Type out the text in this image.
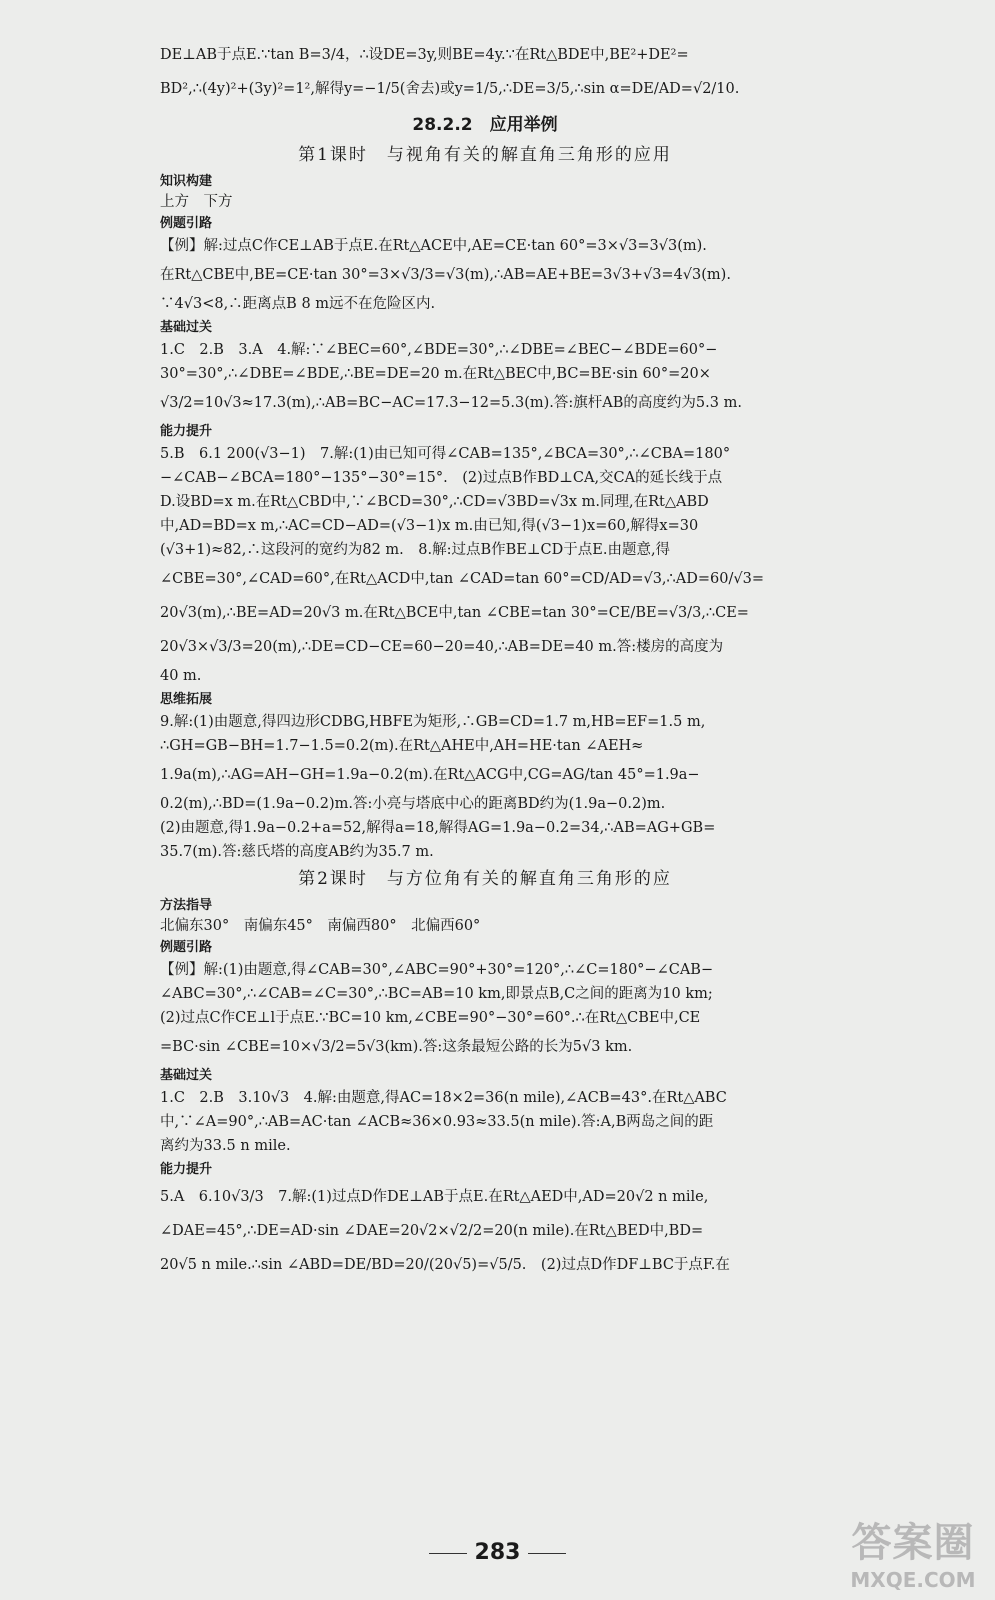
DE⊥AB于点E.∵tan B=3/4，∴设DE=3y,则BE=4y.∵在Rt△BDE中,BE²+DE²=

BD²,∴(4y)²+(3y)²=1²,解得y=−1/5(舍去)或y=1/5,∴DE=3/5,∴sin α=DE/AD=√2/10.

28.2.2　应用举例

第1课时　与视角有关的解直角三角形的应用

知识构建

上方　下方

例题引路

【例】解:过点C作CE⊥AB于点E.在Rt△ACE中,AE=CE·tan 60°=3×√3=3√3(m).

在Rt△CBE中,BE=CE·tan 30°=3×√3/3=√3(m),∴AB=AE+BE=3√3+√3=4√3(m).

∵4√3<8,∴距离点B 8 m远不在危险区内.

基础过关

1.C　2.B　3.A　4.解:∵∠BEC=60°,∠BDE=30°,∴∠DBE=∠BEC−∠BDE=60°−

30°=30°,∴∠DBE=∠BDE,∴BE=DE=20 m.在Rt△BEC中,BC=BE·sin 60°=20×

√3/2=10√3≈17.3(m),∴AB=BC−AC=17.3−12=5.3(m).答:旗杆AB的高度约为5.3 m.

能力提升

5.B　6.1 200(√3−1)　7.解:(1)由已知可得∠CAB=135°,∠BCA=30°,∴∠CBA=180°

−∠CAB−∠BCA=180°−135°−30°=15°.　(2)过点B作BD⊥CA,交CA的延长线于点

D.设BD=x m.在Rt△CBD中,∵∠BCD=30°,∴CD=√3BD=√3x m.同理,在Rt△ABD

中,AD=BD=x m,∴AC=CD−AD=(√3−1)x m.由已知,得(√3−1)x=60,解得x=30

(√3+1)≈82,∴这段河的宽约为82 m.　8.解:过点B作BE⊥CD于点E.由题意,得

∠CBE=30°,∠CAD=60°,在Rt△ACD中,tan ∠CAD=tan 60°=CD/AD=√3,∴AD=60/√3=

20√3(m),∴BE=AD=20√3 m.在Rt△BCE中,tan ∠CBE=tan 30°=CE/BE=√3/3,∴CE=

20√3×√3/3=20(m),∴DE=CD−CE=60−20=40,∴AB=DE=40 m.答:楼房的高度为

40 m.

思维拓展

9.解:(1)由题意,得四边形CDBG,HBFE为矩形,∴GB=CD=1.7 m,HB=EF=1.5 m,

∴GH=GB−BH=1.7−1.5=0.2(m).在Rt△AHE中,AH=HE·tan ∠AEH≈

1.9a(m),∴AG=AH−GH=1.9a−0.2(m).在Rt△ACG中,CG=AG/tan 45°=1.9a−

0.2(m),∴BD=(1.9a−0.2)m.答:小亮与塔底中心的距离BD约为(1.9a−0.2)m.

(2)由题意,得1.9a−0.2+a=52,解得a=18,解得AG=1.9a−0.2=34,∴AB=AG+GB=

35.7(m).答:慈氏塔的高度AB约为35.7 m.

第2课时　与方位角有关的解直角三角形的应

方法指导

北偏东30°　南偏东45°　南偏西80°　北偏西60°

例题引路

【例】解:(1)由题意,得∠CAB=30°,∠ABC=90°+30°=120°,∴∠C=180°−∠CAB−

∠ABC=30°,∴∠CAB=∠C=30°,∴BC=AB=10 km,即景点B,C之间的距离为10 km;

(2)过点C作CE⊥l于点E.∵BC=10 km,∠CBE=90°−30°=60°.∴在Rt△CBE中,CE

=BC·sin ∠CBE=10×√3/2=5√3(km).答:这条最短公路的长为5√3 km.

基础过关

1.C　2.B　3.10√3　4.解:由题意,得AC=18×2=36(n mile),∠ACB=43°.在Rt△ABC

中,∵∠A=90°,∴AB=AC·tan ∠ACB≈36×0.93≈33.5(n mile).答:A,B两岛之间的距

离约为33.5 n mile.

能力提升

5.A　6.10√3/3　7.解:(1)过点D作DE⊥AB于点E.在Rt△AED中,AD=20√2 n mile,

∠DAE=45°,∴DE=AD·sin ∠DAE=20√2×√2/2=20(n mile).在Rt△BED中,BD=

20√5 n mile.∴sin ∠ABD=DE/BD=20/(20√5)=√5/5.　(2)过点D作DF⊥BC于点F.在

283	答案圈
MXQE.COM
